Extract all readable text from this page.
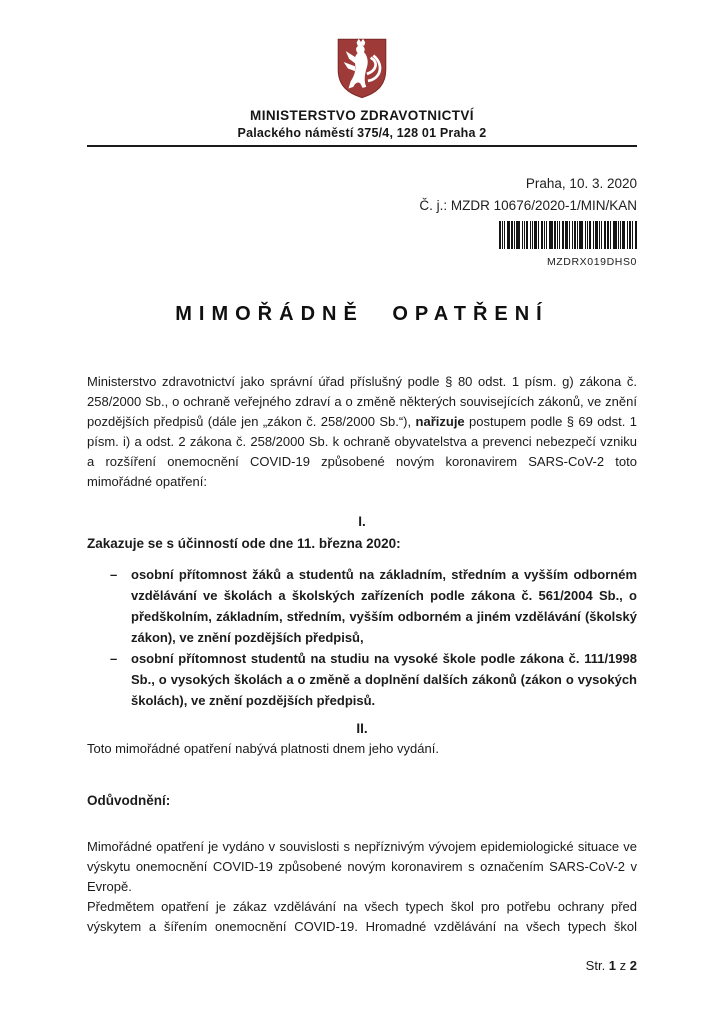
MINISTERSTVO ZDRAVOTNICTVÍ
Palackého náměstí 375/4, 128 01 Praha 2
Praha, 10. 3. 2020
Č. j.: MZDR 10676/2020-1/MIN/KAN
MZDRX019DHS0
MIMOŘÁDNĚ OPATŘENÍ

Ministerstvo zdravotnictví jako správní úřad příslušný podle § 80 odst. 1 písm. g) zákona č. 258/2000 Sb., o ochraně veřejného zdraví a o změně některých souvisejících zákonů, ve znění pozdějších předpisů (dále jen „zákon č. 258/2000 Sb.“), nařizuje postupem podle § 69 odst. 1 písm. i) a odst. 2 zákona č. 258/2000 Sb. k ochraně obyvatelstva a prevenci nebezpečí vzniku a rozšíření onemocnění COVID-19 způsobené novým koronavirem SARS-CoV-2 toto mimořádné opatření:

I.

Zakazuje se s účinností ode dne 11. března 2020:

–	osobní přítomnost žáků a studentů na základním, středním a vyšším odborném vzdělávání ve školách a školských zařízeních podle zákona č. 561/2004 Sb., o předškolním, základním, středním, vyšším odborném a jiném vzdělávání (školský zákon), ve znění pozdějších předpisů,
–	osobní přítomnost studentů na studiu na vysoké škole podle zákona č. 111/1998 Sb., o vysokých školách a o změně a doplnění dalších zákonů (zákon o vysokých školách), ve znění pozdějších předpisů.
II.

Toto mimořádné opatření nabývá platnosti dnem jeho vydání.

Odůvodnění:

Mimořádné opatření je vydáno v souvislosti s nepříznivým vývojem epidemiologické situace ve výskytu onemocnění COVID-19 způsobené novým koronavirem s označením SARS-CoV-2 v Evropě.

Předmětem opatření je zákaz vzdělávání na všech typech škol pro potřebu ochrany před výskytem a šířením onemocnění COVID-19. Hromadné vzdělávání na všech typech škol

Str. 1 z 2
